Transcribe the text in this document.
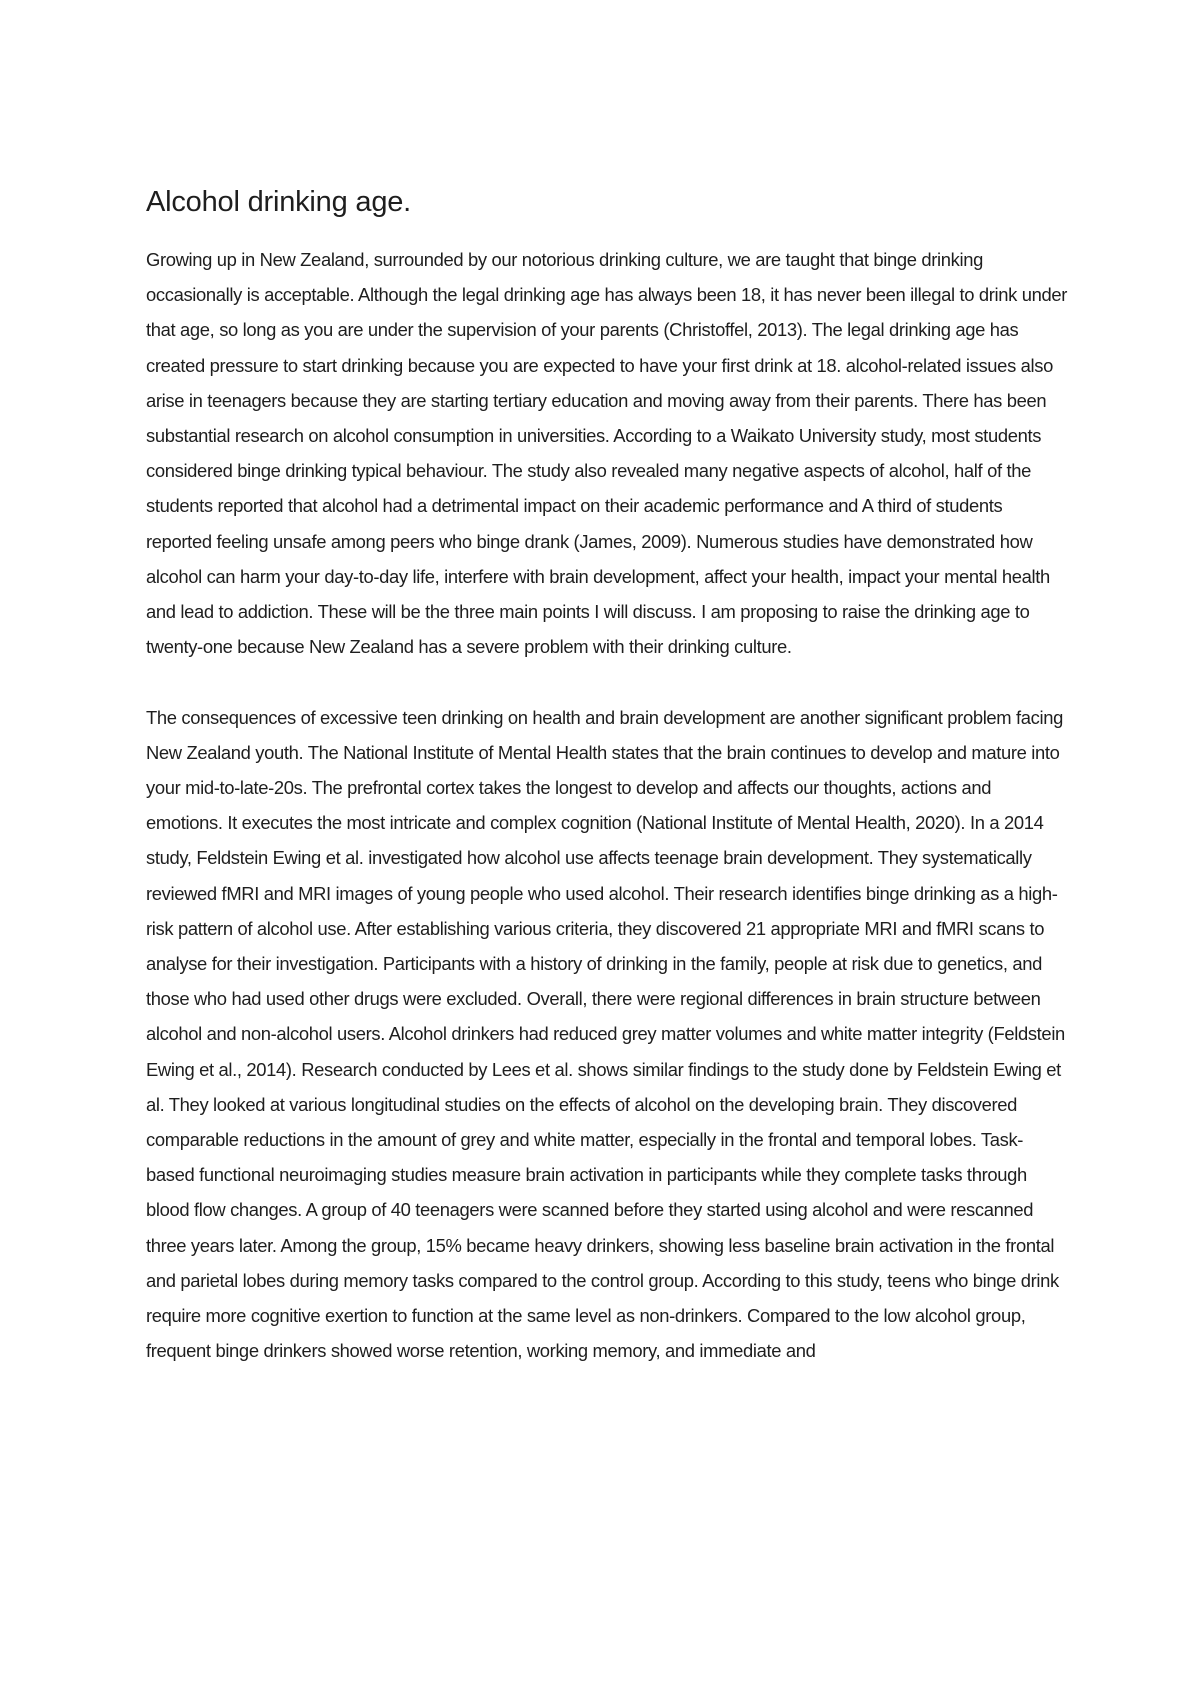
Alcohol drinking age.

Growing up in New Zealand, surrounded by our notorious drinking culture, we are taught that binge drinking occasionally is acceptable. Although the legal drinking age has always been 18, it has never been illegal to drink under that age, so long as you are under the supervision of your parents (Christoffel, 2013). The legal drinking age has created pressure to start drinking because you are expected to have your first drink at 18. alcohol-related issues also arise in teenagers because they are starting tertiary education and moving away from their parents. There has been substantial research on alcohol consumption in universities. According to a Waikato University study, most students considered binge drinking typical behaviour. The study also revealed many negative aspects of alcohol, half of the students reported that alcohol had a detrimental impact on their academic performance and A third of students reported feeling unsafe among peers who binge drank (James, 2009). Numerous studies have demonstrated how alcohol can harm your day-to-day life, interfere with brain development, affect your health, impact your mental health and lead to addiction. These will be the three main points I will discuss. I am proposing to raise the drinking age to twenty-one because New Zealand has a severe problem with their drinking culture.

The consequences of excessive teen drinking on health and brain development are another significant problem facing New Zealand youth. The National Institute of Mental Health states that the brain continues to develop and mature into your mid-to-late-20s. The prefrontal cortex takes the longest to develop and affects our thoughts, actions and emotions. It executes the most intricate and complex cognition (National Institute of Mental Health, 2020). In a 2014 study, Feldstein Ewing et al. investigated how alcohol use affects teenage brain development. They systematically reviewed fMRI and MRI images of young people who used alcohol. Their research identifies binge drinking as a high-risk pattern of alcohol use. After establishing various criteria, they discovered 21 appropriate MRI and fMRI scans to analyse for their investigation. Participants with a history of drinking in the family, people at risk due to genetics, and those who had used other drugs were excluded. Overall, there were regional differences in brain structure between alcohol and non-alcohol users. Alcohol drinkers had reduced grey matter volumes and white matter integrity (Feldstein Ewing et al., 2014). Research conducted by Lees et al. shows similar findings to the study done by Feldstein Ewing et al. They looked at various longitudinal studies on the effects of alcohol on the developing brain. They discovered comparable reductions in the amount of grey and white matter, especially in the frontal and temporal lobes. Task-based functional neuroimaging studies measure brain activation in participants while they complete tasks through blood flow changes. A group of 40 teenagers were scanned before they started using alcohol and were rescanned three years later. Among the group, 15% became heavy drinkers, showing less baseline brain activation in the frontal and parietal lobes during memory tasks compared to the control group. According to this study, teens who binge drink require more cognitive exertion to function at the same level as non-drinkers. Compared to the low alcohol group, frequent binge drinkers showed worse retention, working memory, and immediate and
